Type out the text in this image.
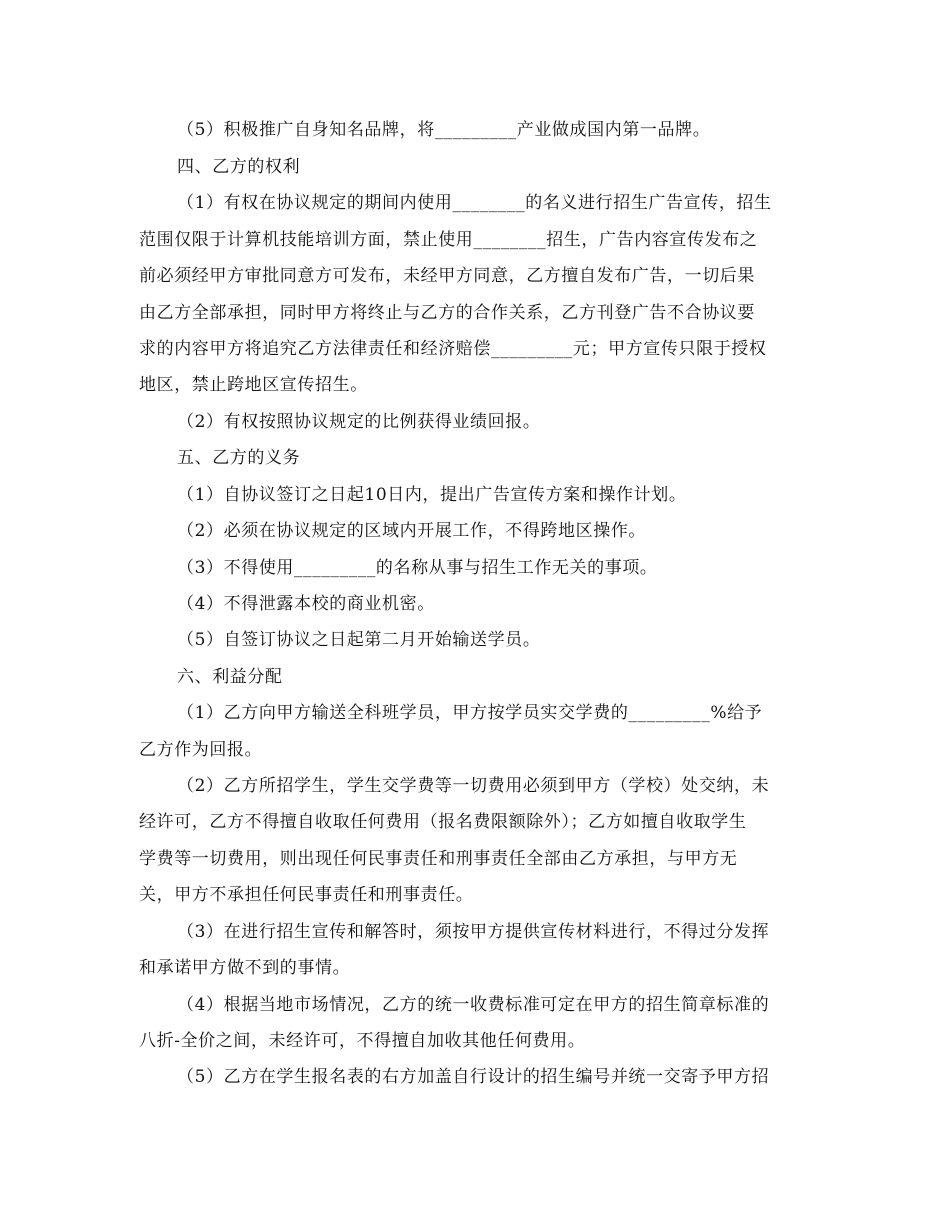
（5）积极推广自身知名品牌，将_________产业做成国内第一品牌。
四、乙方的权利
（1）有权在协议规定的期间内使用________的名义进行招生广告宣传，招生
范围仅限于计算机技能培训方面，禁止使用________招生，广告内容宣传发布之
前必须经甲方审批同意方可发布，未经甲方同意，乙方擅自发布广告，一切后果
由乙方全部承担，同时甲方将终止与乙方的合作关系，乙方刊登广告不合协议要
求的内容甲方将追究乙方法律责任和经济赔偿_________元；甲方宣传只限于授权
地区，禁止跨地区宣传招生。
（2）有权按照协议规定的比例获得业绩回报。
五、乙方的义务
（1）自协议签订之日起10日内，提出广告宣传方案和操作计划。
（2）必须在协议规定的区域内开展工作，不得跨地区操作。
（3）不得使用_________的名称从事与招生工作无关的事项。
（4）不得泄露本校的商业机密。
（5）自签订协议之日起第二月开始输送学员。
六、利益分配
（1）乙方向甲方输送全科班学员，甲方按学员实交学费的_________%给予
乙方作为回报。
（2）乙方所招学生，学生交学费等一切费用必须到甲方（学校）处交纳，未
经许可，乙方不得擅自收取任何费用（报名费限额除外）；乙方如擅自收取学生
学费等一切费用，则出现任何民事责任和刑事责任全部由乙方承担，与甲方无
关，甲方不承担任何民事责任和刑事责任。
（3）在进行招生宣传和解答时，须按甲方提供宣传材料进行，不得过分发挥
和承诺甲方做不到的事情。
（4）根据当地市场情况，乙方的统一收费标准可定在甲方的招生简章标准的
八折-全价之间，未经许可，不得擅自加收其他任何费用。
（5）乙方在学生报名表的右方加盖自行设计的招生编号并统一交寄予甲方招
